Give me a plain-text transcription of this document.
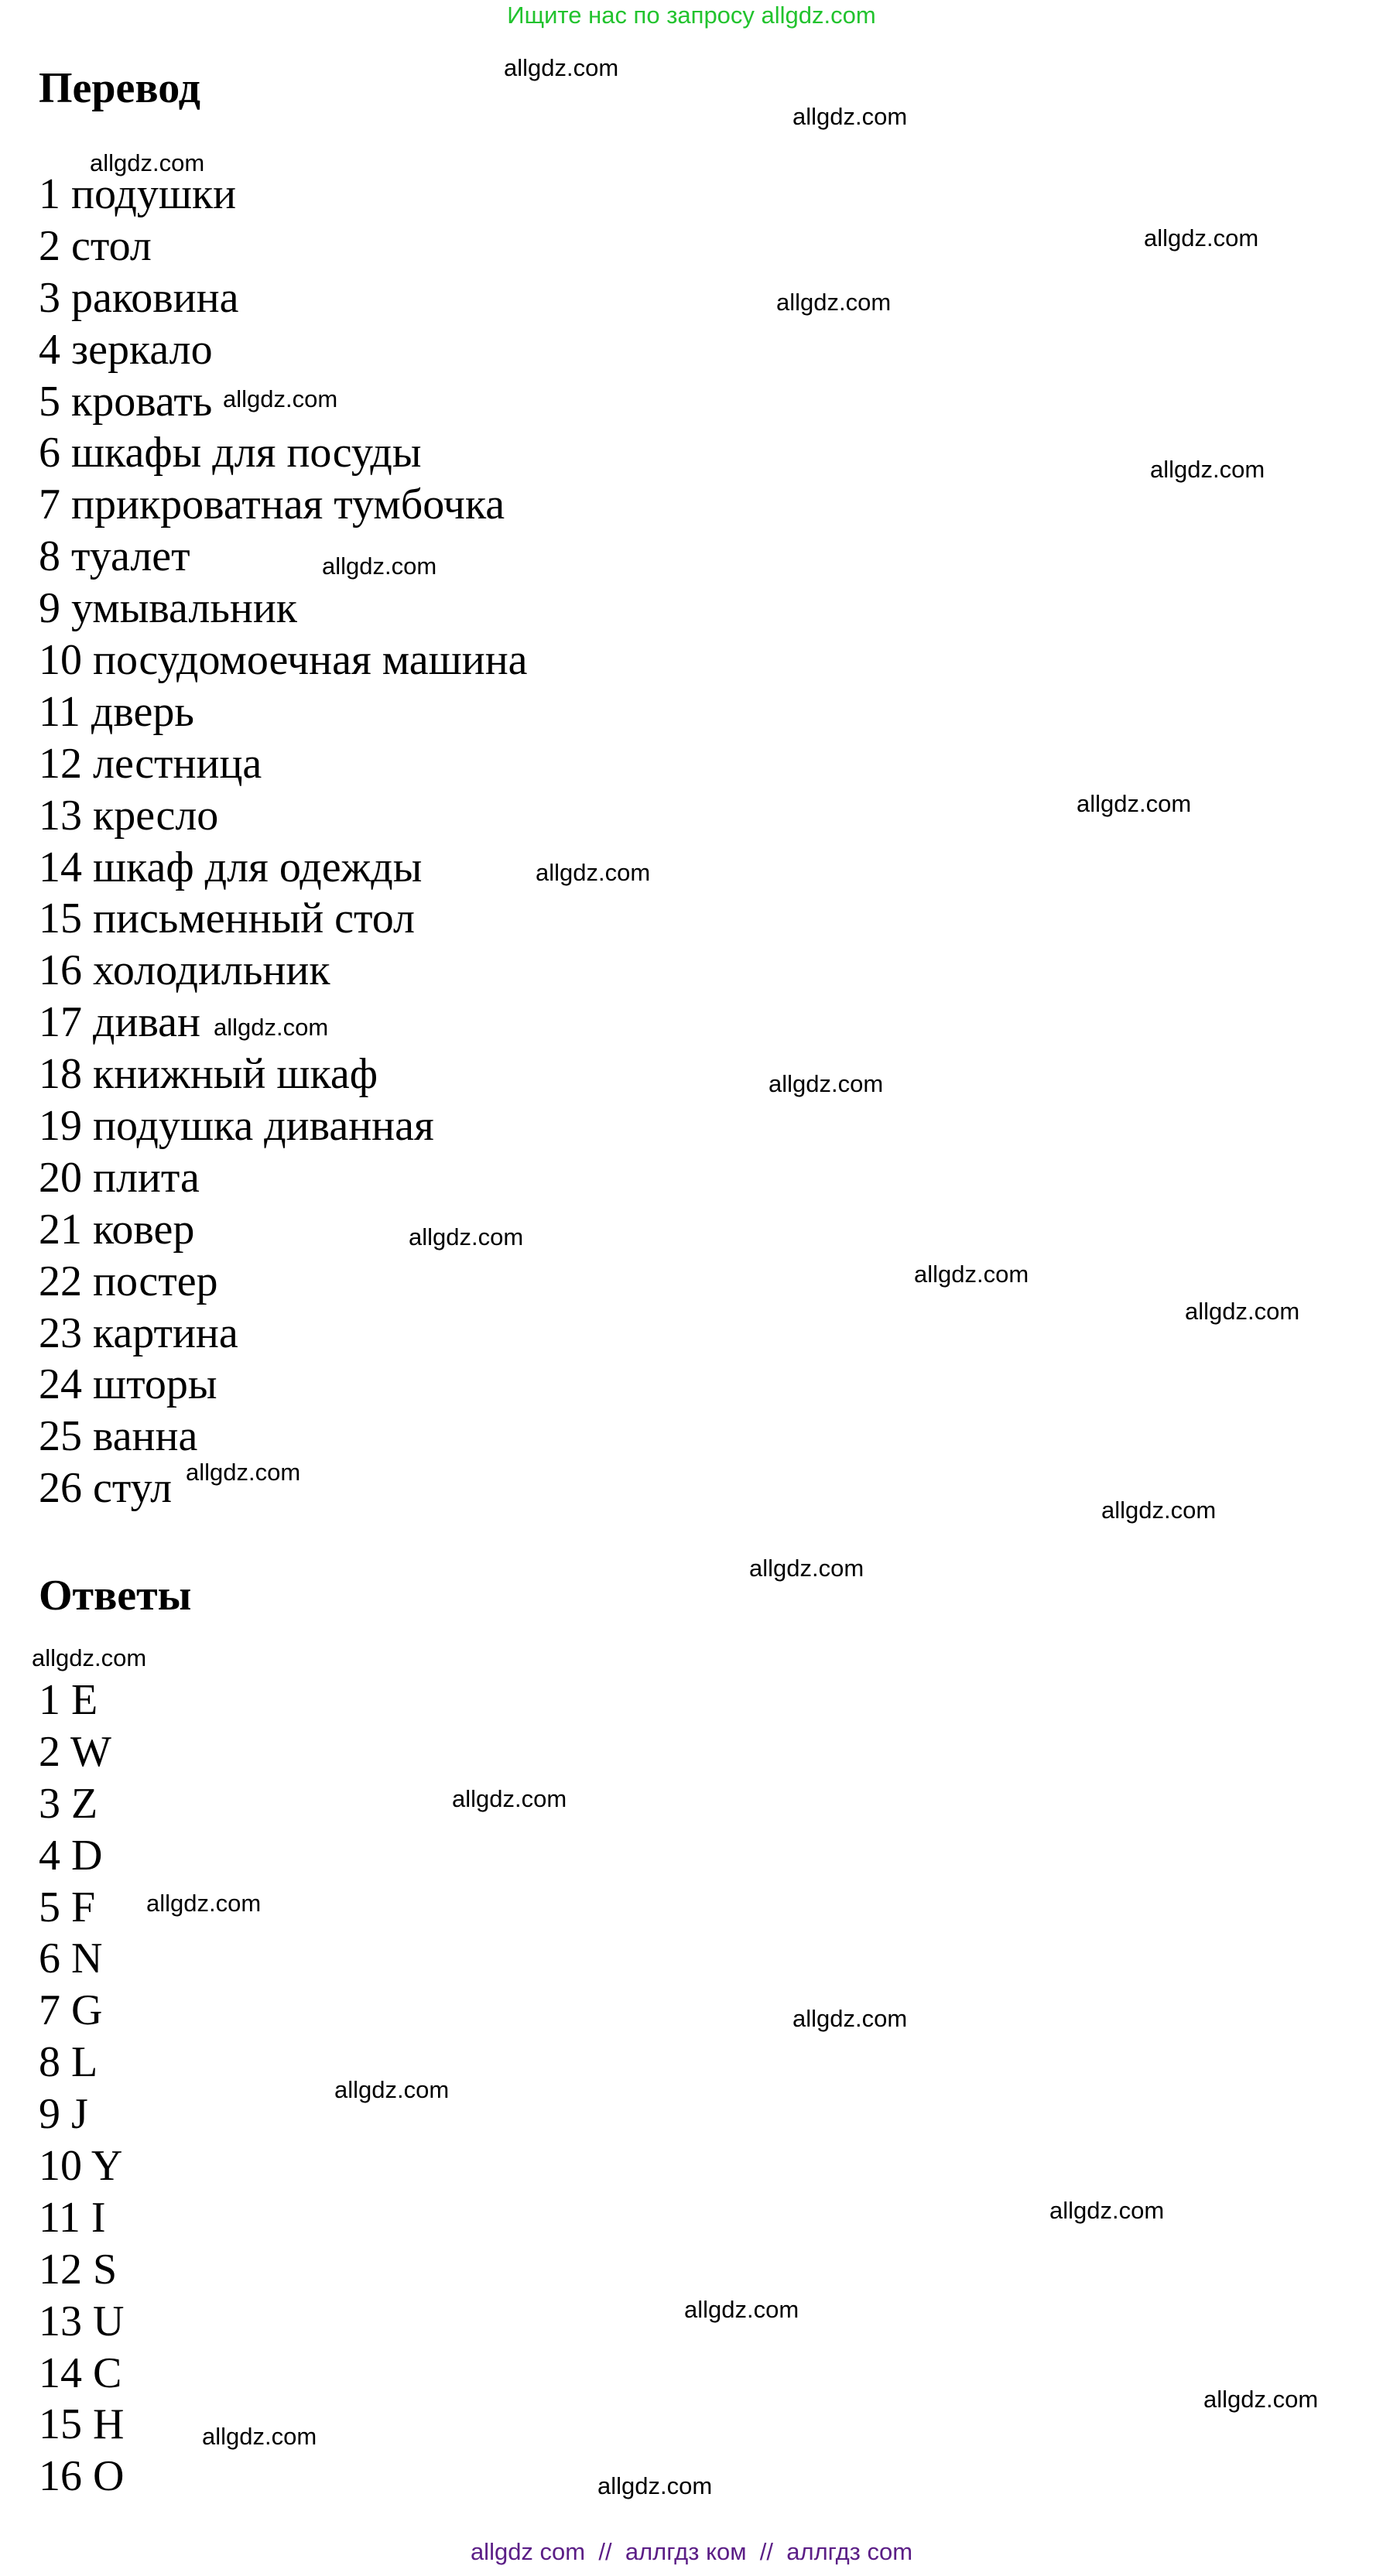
Ищите нас по запросу allgdz.com
Перевод
1 подушки
2 стол
3 раковина
4 зеркало
5 кровать
6 шкафы для посуды
7 прикроватная тумбочка
8 туалет
9 умывальник
10 посудомоечная машина
11 дверь
12 лестница
13 кресло
14 шкаф для одежды
15 письменный стол
16 холодильник
17 диван
18 книжный шкаф
19 подушка диванная
20 плита
21 ковер
22 постер
23 картина
24 шторы
25 ванна
26 стул
Ответы
1 E
2 W
3 Z
4 D
5 F
6 N
7 G
8 L
9 J
10 Y
11 I
12 S
13 U
14 C
15 H
16 O
allgdz.com
allgdz.com
allgdz.com
allgdz.com
allgdz.com
allgdz.com
allgdz.com
allgdz.com
allgdz.com
allgdz.com
allgdz.com
allgdz.com
allgdz.com
allgdz.com
allgdz.com
allgdz.com
allgdz.com
allgdz.com
allgdz.com
allgdz.com
allgdz.com
allgdz.com
allgdz.com
allgdz.com
allgdz.com
allgdz.com
allgdz.com
allgdz.com
allgdz com // аллгдз ком // аллгдз com
